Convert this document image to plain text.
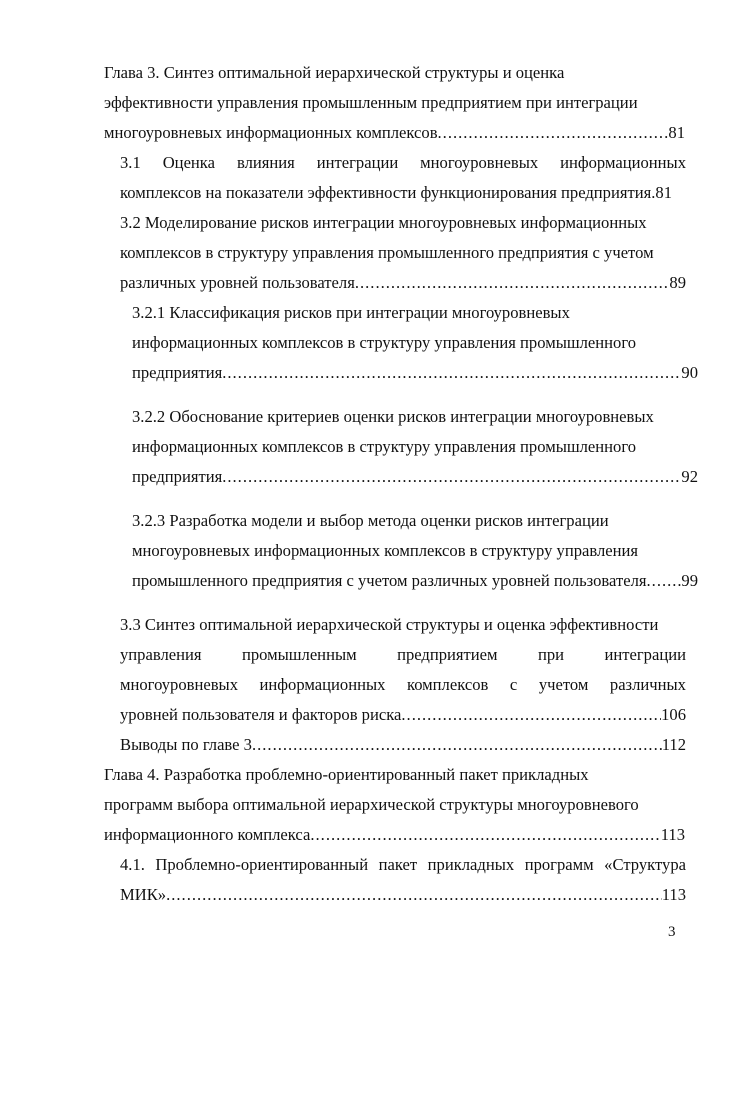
Глава 3. Синтез оптимальной иерархической структуры и оценка
эффективности управления промышленным предприятием при интеграции
многоуровневых информационных комплексов .....	81
3.1 Оценка влияния интеграции многоуровневых информационных
комплексов на показатели эффективности функционирования предприятия. 81
3.2 Моделирование рисков интеграции многоуровневых информационных
комплексов в структуру управления промышленного предприятия с учетом
различных уровней пользователя .....	89
3.2.1 Классификация рисков при интеграции многоуровневых
информационных комплексов в структуру управления промышленного
предприятия .....	90
3.2.2 Обоснование критериев оценки рисков интеграции многоуровневых
информационных комплексов в структуру управления промышленного
предприятия .....	92
3.2.3 Разработка модели и выбор метода оценки рисков интеграции
многоуровневых информационных комплексов в структуру управления
промышленного предприятия с учетом различных уровней пользователя ..... 99
3.3 Синтез оптимальной иерархической структуры и оценка эффективности
управления промышленным предприятием при интеграции
многоуровневых информационных комплексов с учетом различных
уровней пользователя и факторов риска .....	106
Выводы по главе 3 .....	112
Глава 4. Разработка проблемно-ориентированный пакет прикладных
программ выбора оптимальной иерархической структуры многоуровневого
информационного комплекса .....	113
4.1. Проблемно-ориентированный пакет прикладных программ «Структура
МИК» .....	113
3
